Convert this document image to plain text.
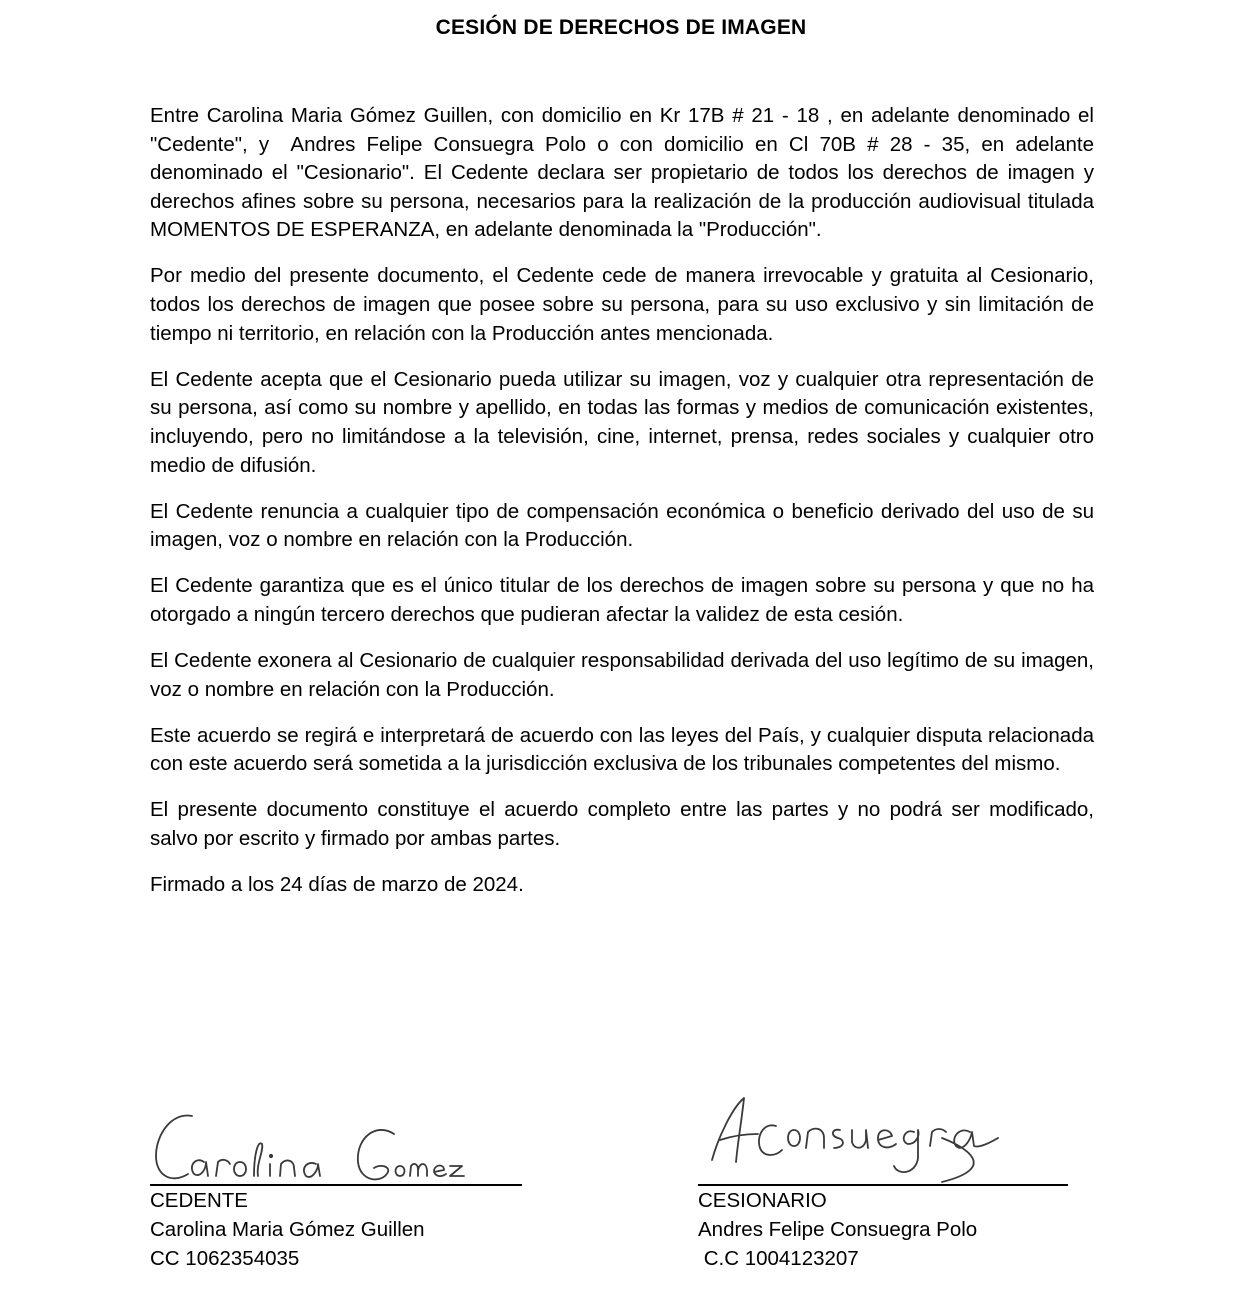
CESIÓN DE DERECHOS DE IMAGEN

Entre Carolina Maria Gómez Guillen, con domicilio en Kr 17B # 21 - 18 , en adelante denominado el "Cedente", y  Andres Felipe Consuegra Polo o con domicilio en Cl 70B # 28 - 35, en adelante denominado el "Cesionario". El Cedente declara ser propietario de todos los derechos de imagen y derechos afines sobre su persona, necesarios para la realización de la producción audiovisual titulada MOMENTOS DE ESPERANZA, en adelante denominada la "Producción".

Por medio del presente documento, el Cedente cede de manera irrevocable y gratuita al Cesionario, todos los derechos de imagen que posee sobre su persona, para su uso exclusivo y sin limitación de tiempo ni territorio, en relación con la Producción antes mencionada.

El Cedente acepta que el Cesionario pueda utilizar su imagen, voz y cualquier otra representación de su persona, así como su nombre y apellido, en todas las formas y medios de comunicación existentes, incluyendo, pero no limitándose a la televisión, cine, internet, prensa, redes sociales y cualquier otro medio de difusión.

El Cedente renuncia a cualquier tipo de compensación económica o beneficio derivado del uso de su imagen, voz o nombre en relación con la Producción.

El Cedente garantiza que es el único titular de los derechos de imagen sobre su persona y que no ha otorgado a ningún tercero derechos que pudieran afectar la validez de esta cesión.

El Cedente exonera al Cesionario de cualquier responsabilidad derivada del uso legítimo de su imagen, voz o nombre en relación con la Producción.

Este acuerdo se regirá e interpretará de acuerdo con las leyes del País, y cualquier disputa relacionada con este acuerdo será sometida a la jurisdicción exclusiva de los tribunales competentes del mismo.

El presente documento constituye el acuerdo completo entre las partes y no podrá ser modificado, salvo por escrito y firmado por ambas partes.

Firmado a los 24 días de marzo de 2024.

CEDENTE
Carolina Maria Gómez Guillen
CC 1062354035
CESIONARIO
Andres Felipe Consuegra Polo
C.C 1004123207
